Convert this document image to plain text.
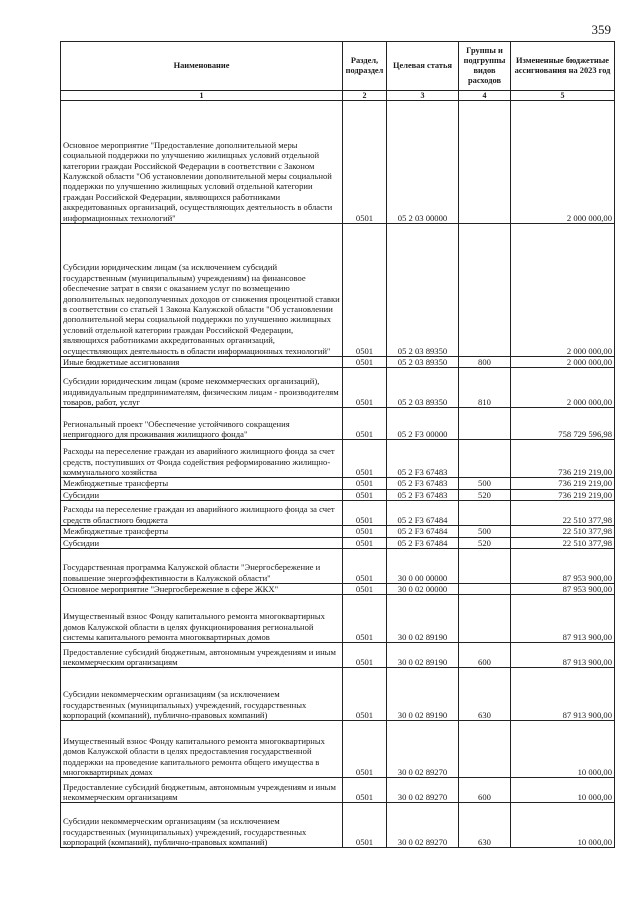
359
Наименование	Раздел, подраздел	Целевая статья	Группы и подгруппы видов расходов	Измененные бюджетные ассигнования на 2023 год
1	2	3	4	5
Основное мероприятие "Предоставление дополнительной меры социальной поддержки по улучшению жилищных условий отдельной категории граждан Российской Федерации в соответствии с Законом Калужской области "Об установлении дополнительной меры социальной поддержки по улучшению жилищных условий отдельной категории граждан Российской Федерации, являющихся работниками аккредитованных организаций, осуществляющих деятельность в области информационных технологий"	0501	05 2 03 00000		2 000 000,00
Субсидии юридическим лицам (за исключением субсидий государственным (муниципальным) учреждениям) на финансовое обеспечение затрат в связи с оказанием услуг по возмещению дополнительных недополученных доходов от снижения процентной ставки в соответствии со статьей 1 Закона Калужской области "Об установлении дополнительной меры социальной поддержки по улучшению жилищных условий отдельной категории граждан Российской Федерации, являющихся работниками аккредитованных организаций, осуществляющих деятельность в области информационных технологий"	0501	05 2 03 89350		2 000 000,00
Иные бюджетные ассигнования	0501	05 2 03 89350	800	2 000 000,00
Субсидии юридическим лицам (кроме некоммерческих организаций), индивидуальным предпринимателям, физическим лицам - производителям товаров, работ, услуг	0501	05 2 03 89350	810	2 000 000,00
Региональный проект "Обеспечение устойчивого сокращения непригодного для проживания жилищного фонда"	0501	05 2 F3 00000		758 729 596,98
Расходы на переселение граждан из аварийного жилищного фонда за счет средств, поступивших от Фонда содействия реформированию жилищно-коммунального хозяйства	0501	05 2 F3 67483		736 219 219,00
Межбюджетные трансферты	0501	05 2 F3 67483	500	736 219 219,00
Субсидии	0501	05 2 F3 67483	520	736 219 219,00
Расходы на переселение граждан из аварийного жилищного фонда за счет средств областного бюджета	0501	05 2 F3 67484		22 510 377,98
Межбюджетные трансферты	0501	05 2 F3 67484	500	22 510 377,98
Субсидии	0501	05 2 F3 67484	520	22 510 377,98
Государственная программа Калужской области "Энергосбережение и повышение энергоэффективности в Калужской области"	0501	30 0 00 00000		87 953 900,00
Основное мероприятие "Энергосбережение в сфере ЖКХ"	0501	30 0 02 00000		87 953 900,00
Имущественный взнос Фонду капитального ремонта многоквартирных домов Калужской области в целях функционирования региональной системы капитального ремонта многоквартирных домов	0501	30 0 02 89190		87 913 900,00
Предоставление субсидий бюджетным, автономным учреждениям и иным некоммерческим организациям	0501	30 0 02 89190	600	87 913 900,00
Субсидии некоммерческим организациям (за исключением государственных (муниципальных) учреждений, государственных корпораций (компаний), публично-правовых компаний)	0501	30 0 02 89190	630	87 913 900,00
Имущественный взнос Фонду капитального ремонта многоквартирных домов Калужской области в целях предоставления государственной поддержки на проведение капитального ремонта общего имущества в многоквартирных домах	0501	30 0 02 89270		10 000,00
Предоставление субсидий бюджетным, автономным учреждениям и иным некоммерческим организациям	0501	30 0 02 89270	600	10 000,00
Субсидии некоммерческим организациям (за исключением государственных (муниципальных) учреждений, государственных корпораций (компаний), публично-правовых компаний)	0501	30 0 02 89270	630	10 000,00
